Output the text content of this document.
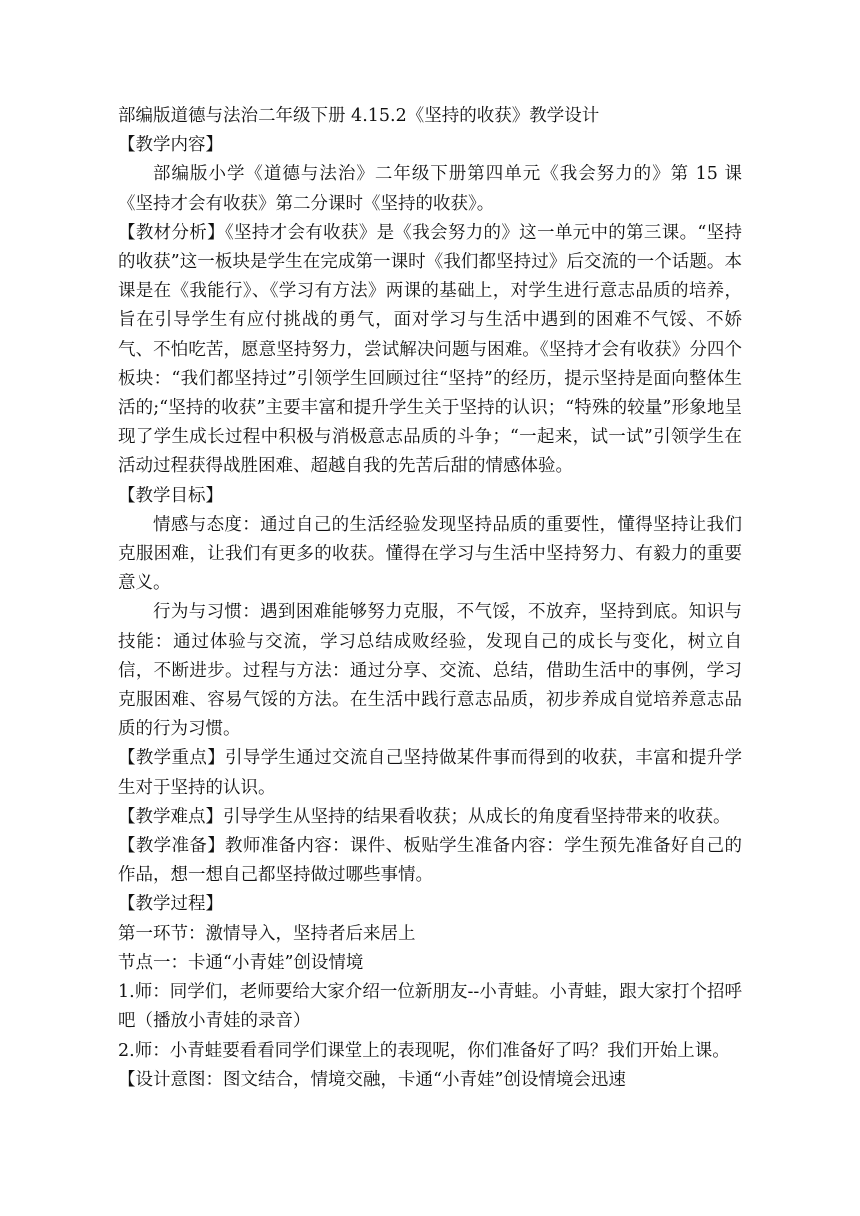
部编版道德与法治二年级下册 4.15.2《坚持的收获》教学设计
【教学内容】

部编版小学《道德与法治》二年级下册第四单元《我会努力的》第 15 课《坚持才会有收获》第二分课时《坚持的收获》。

【教材分析】《坚持才会有收获》是《我会努力的》这一单元中的第三课。“坚持的收获”这一板块是学生在完成第一课时《我们都坚持过》后交流的一个话题。本课是在《我能行》、《学习有方法》两课的基础上，对学生进行意志品质的培养，旨在引导学生有应付挑战的勇气，面对学习与生活中遇到的困难不气馁、不娇气、不怕吃苦，愿意坚持努力，尝试解决问题与困难。《坚持才会有收获》分四个板块：“我们都坚持过”引领学生回顾过往“坚持”的经历，提示坚持是面向整体生活的;“坚持的收获”主要丰富和提升学生关于坚持的认识；“特殊的较量”形象地呈现了学生成长过程中积极与消极意志品质的斗争；“一起来，试一试”引领学生在活动过程获得战胜困难、超越自我的先苦后甜的情感体验。

【教学目标】

情感与态度：通过自己的生活经验发现坚持品质的重要性，懂得坚持让我们克服困难，让我们有更多的收获。懂得在学习与生活中坚持努力、有毅力的重要意义。

行为与习惯：遇到困难能够努力克服，不气馁，不放弃，坚持到底。知识与技能：通过体验与交流，学习总结成败经验，发现自己的成长与变化，树立自信，不断进步。过程与方法：通过分享、交流、总结，借助生活中的事例，学习克服困难、容易气馁的方法。在生活中践行意志品质，初步养成自觉培养意志品质的行为习惯。

【教学重点】引导学生通过交流自己坚持做某件事而得到的收获，丰富和提升学生对于坚持的认识。

【教学难点】引导学生从坚持的结果看收获；从成长的角度看坚持带来的收获。

【教学准备】教师准备内容：课件、板贴学生准备内容：学生预先准备好自己的作品，想一想自己都坚持做过哪些事情。

【教学过程】
第一环节：激情导入，坚持者后来居上
节点一：卡通“小青娃”创设情境

1.师：同学们，老师要给大家介绍一位新朋友--小青蛙。小青蛙，跟大家打个招呼吧（播放小青娃的录音）

2.师：小青蛙要看看同学们课堂上的表现呢，你们准备好了吗？我们开始上课。

【设计意图：图文结合，情境交融，卡通“小青娃”创设情境会迅速
